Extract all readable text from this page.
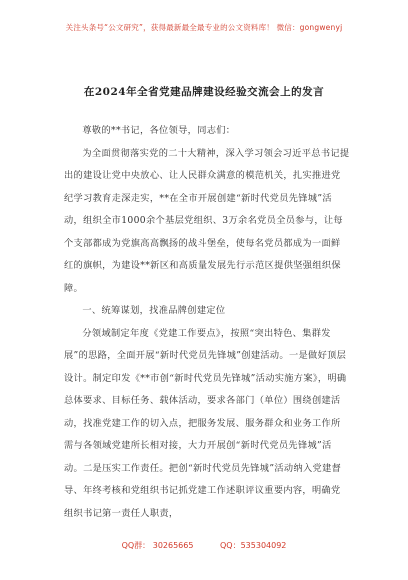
关注头条号“公文研究”，获得最新最全最专业的公文资料库！ 微信：gongwenyj
在2024年全省党建品牌建设经验交流会上的发言

尊敬的**书记，各位领导，同志们：

为全面贯彻落实党的二十大精神，深入学习领会习近平总书记提出的建设让党中央放心、让人民群众满意的模范机关，扎实推进党纪学习教育走深走实，**在全市开展创建“新时代党员先锋城”活动，组织全市1000余个基层党组织、3万余名党员全员参与，让每个支部都成为党旗高高飘扬的战斗堡垒，使每名党员都成为一面鲜红的旗帜，为建设**新区和高质量发展先行示范区提供坚强组织保障。

一、统筹谋划，找准品牌创建定位

分领域制定年度《党建工作要点》，按照“突出特色、集群发展”的思路，全面开展“新时代党员先锋城”创建活动。一是做好顶层设计。制定印发《**市创“新时代党员先锋城”活动实施方案》，明确总体要求、目标任务、载体活动，要求各部门（单位）围绕创建活动，找准党建工作的切入点，把服务发展、服务群众和业务工作所需与各领域党建所长相对接，大力开展创“新时代党员先锋城”活动。二是压实工作责任。把创“新时代党员先锋城”活动纳入党建督导、年终考核和党组织书记抓党建工作述职评议重要内容，明确党组织书记第一责任人职责，

QQ群： 30265665	QQ：535304092
